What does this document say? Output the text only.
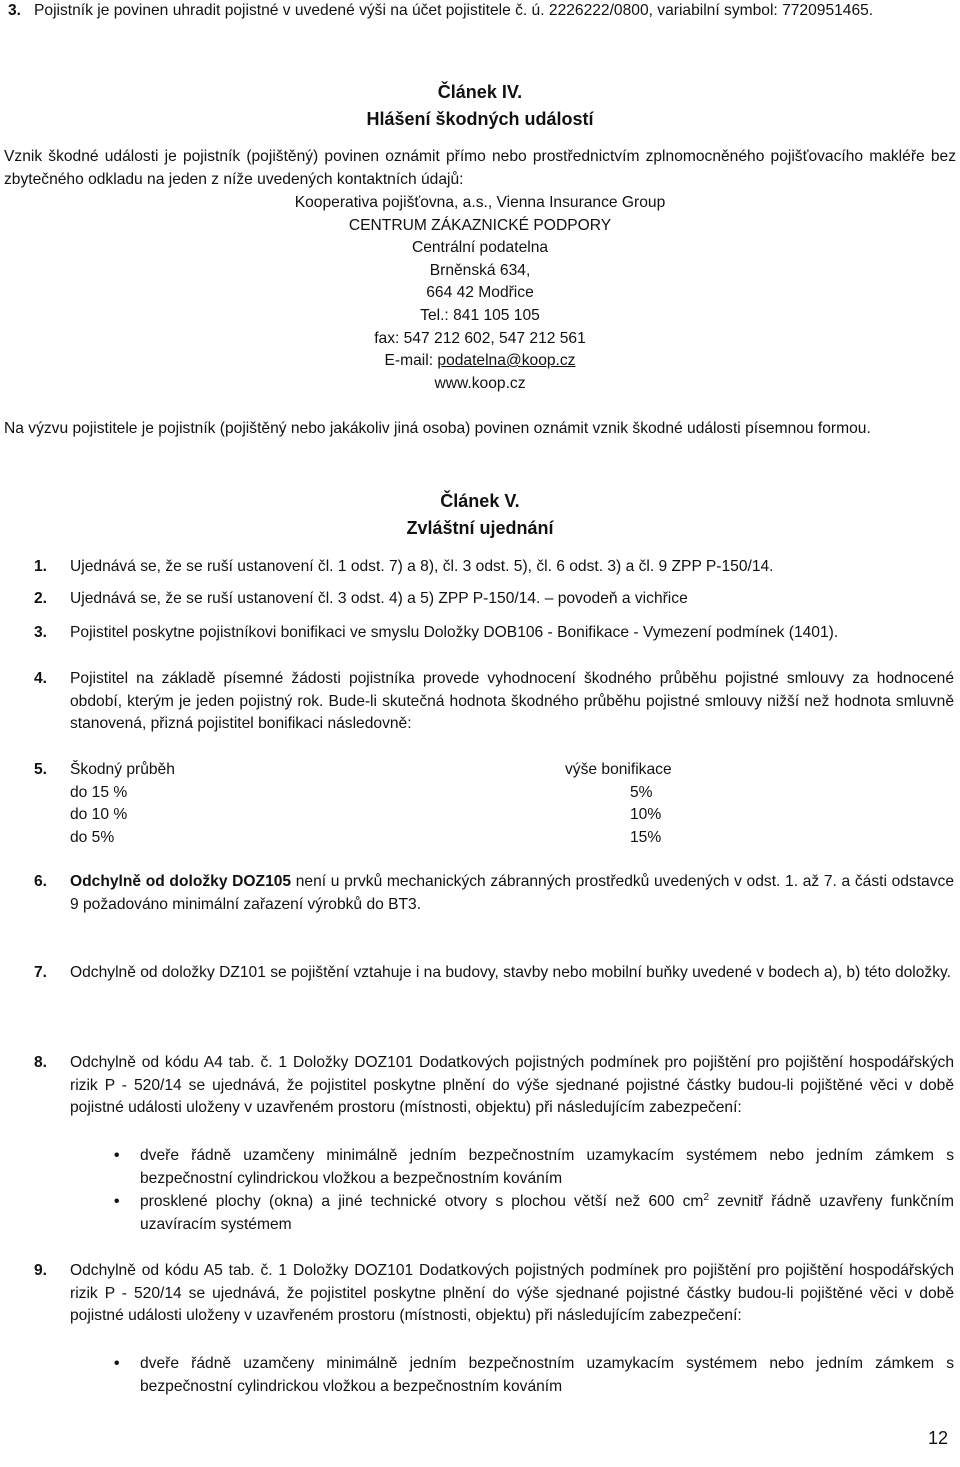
3. Pojistník je povinen uhradit pojistné v uvedené výši na účet pojistitele č. ú. 2226222/0800, variabilní symbol: 7720951465.
Článek IV.
Hlášení škodných událostí
Vznik škodné události je pojistník (pojištěný) povinen oznámit přímo nebo prostřednictvím zplnomocněného pojišťovacího makléře bez zbytečného odkladu na jeden z níže uvedených kontaktních údajů:
Kooperativa pojišťovna, a.s., Vienna Insurance Group
CENTRUM ZÁKAZNICKÉ PODPORY
Centrální podatelna
Brněnská 634,
664 42 Modřice
Tel.: 841 105 105
fax: 547 212 602, 547 212 561
E-mail: podatelna@koop.cz
www.koop.cz
Na výzvu pojistitele je pojistník (pojištěný nebo jakákoliv jiná osoba) povinen oznámit vznik škodné události písemnou formou.
Článek V.
Zvláštní ujednání
1. Ujednává se, že se ruší ustanovení čl. 1 odst. 7) a 8), čl. 3 odst. 5), čl. 6 odst. 3) a čl. 9 ZPP P-150/14.
2. Ujednává se, že se ruší ustanovení čl. 3 odst. 4) a 5) ZPP P-150/14. – povodeň a vichřice
3. Pojistitel poskytne pojistníkovi bonifikaci ve smyslu Doložky DOB106 - Bonifikace - Vymezení podmínek (1401).
4. Pojistitel na základě písemné žádosti pojistníka provede vyhodnocení škodného průběhu pojistné smlouvy za hodnocené období, kterým je jeden pojistný rok. Bude-li skutečná hodnota škodného průběhu pojistné smlouvy nižší než hodnota smluvně stanovená, přizná pojistitel bonifikaci následovně:
5. Škodný průběh	výše bonifikace
do 15 %	5%
do 10 %	10%
do 5%	15%
6. Odchylně od doložky DOZ105 není u prvků mechanických zábranných prostředků uvedených v odst. 1. až 7. a části odstavce 9 požadováno minimální zařazení výrobků do BT3.
7. Odchylně od doložky DZ101 se pojištění vztahuje i na budovy, stavby nebo mobilní buňky uvedené v bodech a), b) této doložky.
8. Odchylně od kódu A4 tab. č. 1 Doložky DOZ101 Dodatkových pojistných podmínek pro pojištění pro pojištění hospodářských rizik P - 520/14 se ujednává, že pojistitel poskytne plnění do výše sjednané pojistné částky budou-li pojištěné věci v době pojistné události uloženy v uzavřeném prostoru (místnosti, objektu) při následujícím zabezpečení:
• dveře řádně uzamčeny minimálně jedním bezpečnostním uzamykacím systémem nebo jedním zámkem s bezpečnostní cylindrickou vložkou a bezpečnostním kováním
• prosklené plochy (okna) a jiné technické otvory s plochou větší než 600 $cm^2$ zevnitř řádně uzavřeny funkčním uzavíracím systémem
9. Odchylně od kódu A5 tab. č. 1 Doložky DOZ101 Dodatkových pojistných podmínek pro pojištění pro pojištění hospodářských rizik P - 520/14 se ujednává, že pojistitel poskytne plnění do výše sjednané pojistné částky budou-li pojištěné věci v době pojistné události uloženy v uzavřeném prostoru (místnosti, objektu) při následujícím zabezpečení:
• dveře řádně uzamčeny minimálně jedním bezpečnostním uzamykacím systémem nebo jedním zámkem s bezpečnostní cylindrickou vložkou a bezpečnostním kováním
12
